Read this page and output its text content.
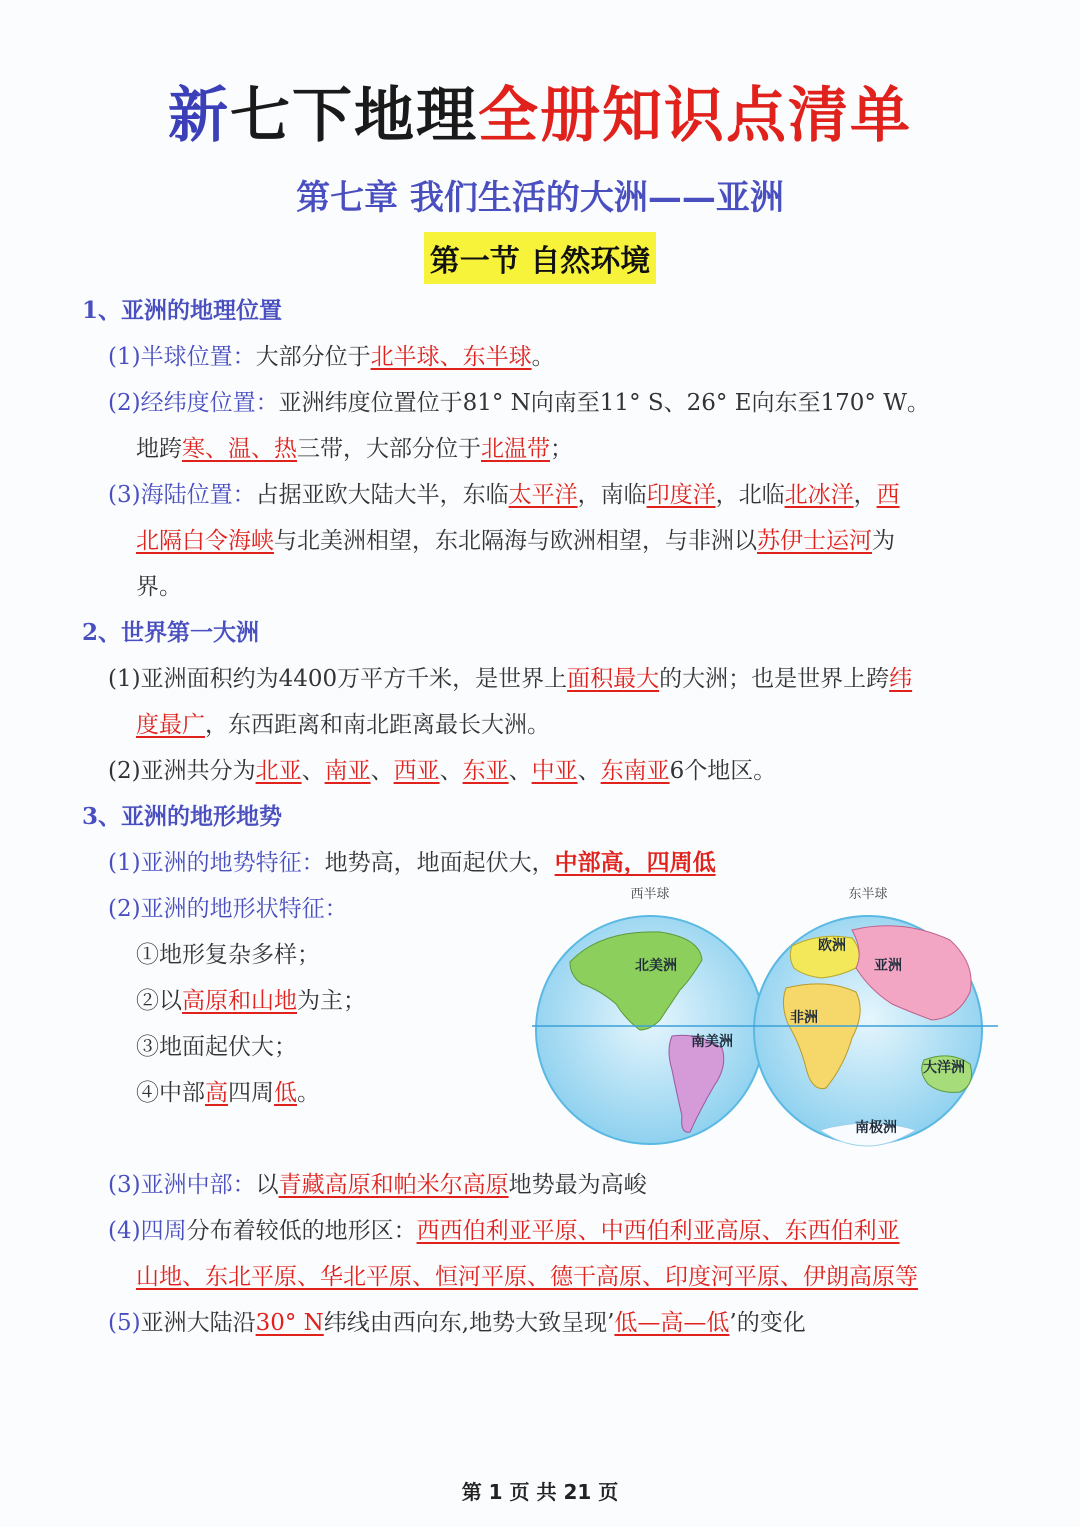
新七下地理全册知识点清单
第七章 我们生活的大洲——亚洲
第一节 自然环境
1、亚洲的地理位置
(1)半球位置：大部分位于北半球、东半球。
(2)经纬度位置：亚洲纬度位置位于81° N向南至11° S、26° E向东至170° W。
地跨寒、温、热三带，大部分位于北温带；
(3)海陆位置：占据亚欧大陆大半，东临太平洋，南临印度洋，北临北冰洋，西
北隔白令海峡与北美洲相望，东北隔海与欧洲相望，与非洲以苏伊士运河为
界。
2、世界第一大洲
(1)亚洲面积约为4400万平方千米，是世界上面积最大的大洲；也是世界上跨纬
度最广，东西距离和南北距离最长大洲。
(2)亚洲共分为北亚、南亚、西亚、东亚、中亚、东南亚6个地区。
3、亚洲的地形地势
(1)亚洲的地势特征：地势高，地面起伏大，中部高，四周低
(2)亚洲的地形状特征：
①地形复杂多样；
②以高原和山地为主；
③地面起伏大；
④中部高四周低。
西半球	东半球
北美洲
南美洲
欧洲
亚洲
非洲
大洋洲
南极洲
(3)亚洲中部：以青藏高原和帕米尔高原地势最为高峻
(4)四周分布着较低的地形区：西西伯利亚平原、中西伯利亚高原、东西伯利亚
山地、东北平原、华北平原、恒河平原、德干高原、印度河平原、伊朗高原等
(5)亚洲大陆沿30° N纬线由西向东,地势大致呈现’低—高—低’的变化
第 1 页 共 21 页
